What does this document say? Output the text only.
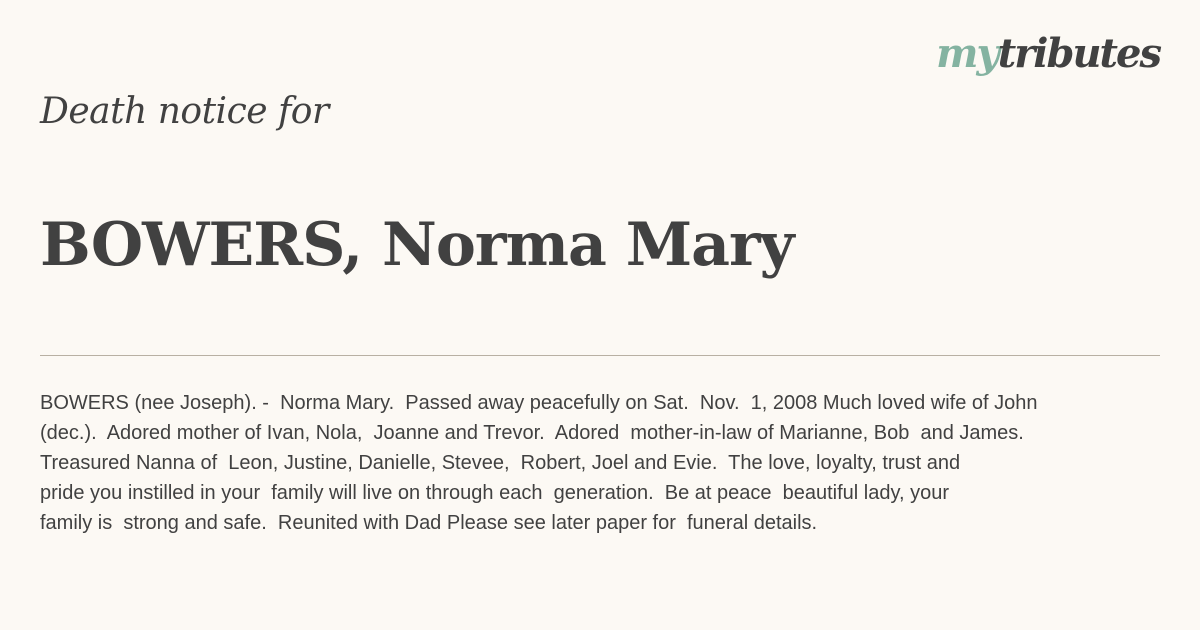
mytributes
Death notice for
BOWERS, Norma Mary
BOWERS (nee Joseph). -  Norma Mary.  Passed away peacefully on Sat.  Nov.  1, 2008 Much loved wife of John
(dec.).  Adored mother of Ivan, Nola,  Joanne and Trevor.  Adored  mother-in-law of Marianne, Bob  and James.
Treasured Nanna of  Leon, Justine, Danielle, Stevee,  Robert, Joel and Evie.  The love, loyalty, trust and
pride you instilled in your  family will live on through each  generation.  Be at peace  beautiful lady, your
family is  strong and safe.  Reunited with Dad Please see later paper for  funeral details.
